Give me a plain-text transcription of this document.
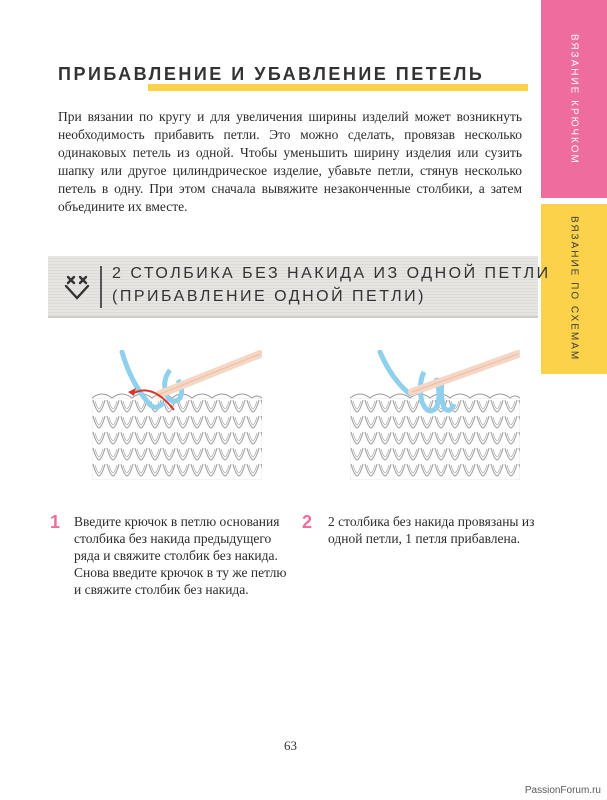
ВЯЗАНИЕ КРЮЧКОМ
ВЯЗАНИЕ ПО СХЕМАМ
ПРИБАВЛЕНИЕ И УБАВЛЕНИЕ ПЕТЕЛЬ

При вязании по кругу и для увеличения ширины изделий может возникнуть необходимость прибавить петли. Это можно сделать, провязав несколько одинаковых петель из одной. Чтобы уменьшить ширину изделия или сузить шапку или другое цилиндрическое изделие, убавьте петли, стянув несколько петель в одну. При этом сначала вывяжите незаконченные столбики, а затем объедините их вместе.

2 СТОЛБИКА БЕЗ НАКИДА ИЗ ОДНОЙ ПЕТЛИ
(ПРИБАВЛЕНИЕ ОДНОЙ ПЕТЛИ)
1 Введите крючок в петлю основания столбика без накида предыдущего ряда и свяжите столбик без накида. Снова введите крючок в ту же петлю и свяжите столбик без накида.

2 2 столбика без накида провязаны из одной петли, 1 петля прибавлена.

63
PassionForum.ru
